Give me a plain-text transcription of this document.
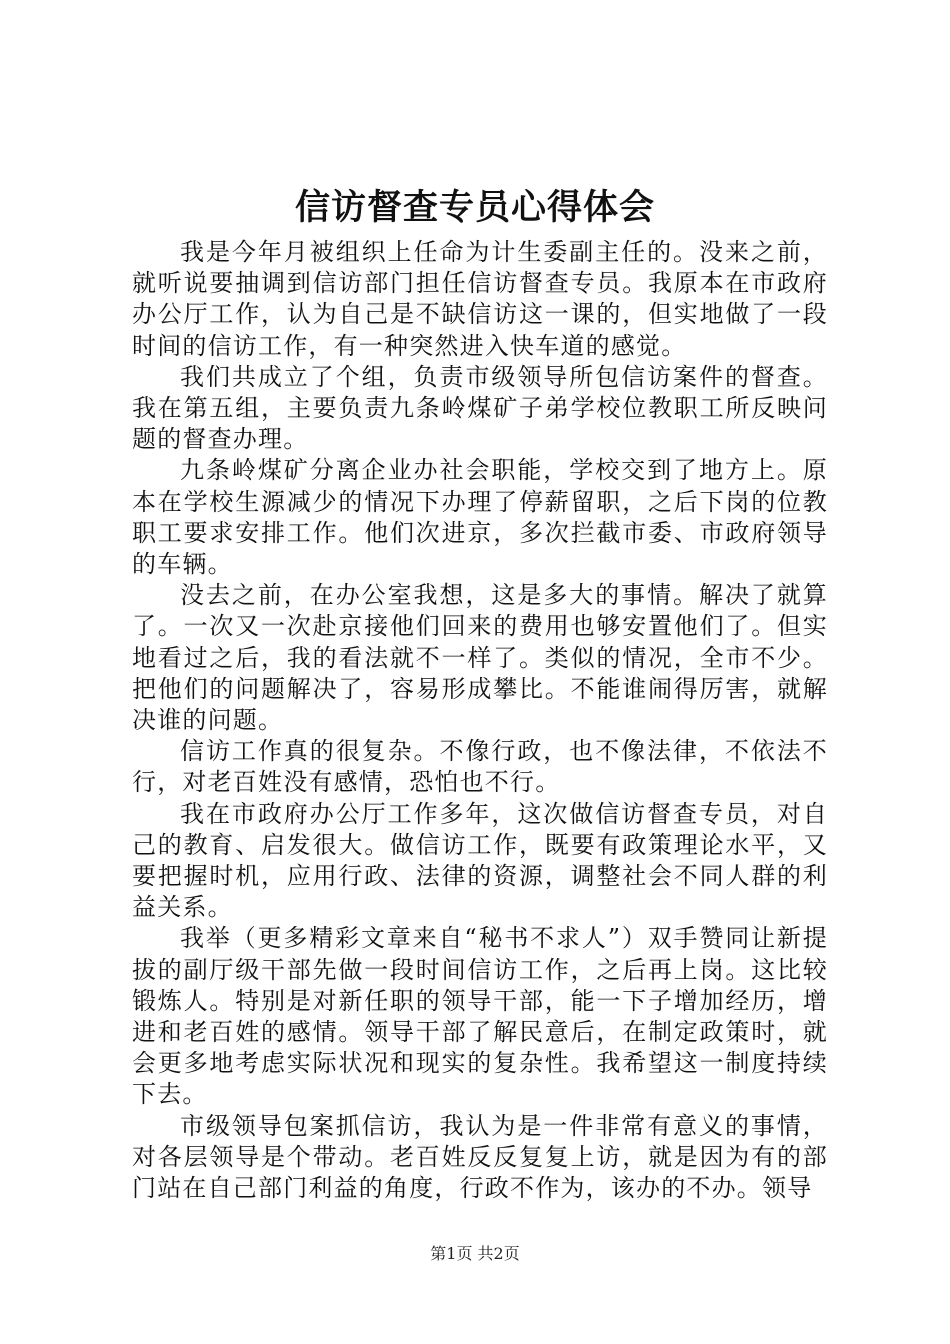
信访督查专员心得体会

我是今年月被组织上任命为计生委副主任的。没来之前，就听说要抽调到信访部门担任信访督查专员。我原本在市政府办公厅工作，认为自己是不缺信访这一课的，但实地做了一段时间的信访工作，有一种突然进入快车道的感觉。

我们共成立了个组，负责市级领导所包信访案件的督查。我在第五组，主要负责九条岭煤矿子弟学校位教职工所反映问题的督查办理。

九条岭煤矿分离企业办社会职能，学校交到了地方上。原本在学校生源减少的情况下办理了停薪留职，之后下岗的位教职工要求安排工作。他们次进京，多次拦截市委、市政府领导的车辆。

没去之前，在办公室我想，这是多大的事情。解决了就算了。一次又一次赴京接他们回来的费用也够安置他们了。但实地看过之后，我的看法就不一样了。类似的情况，全市不少。把他们的问题解决了，容易形成攀比。不能谁闹得厉害，就解决谁的问题。

信访工作真的很复杂。不像行政，也不像法律，不依法不行，对老百姓没有感情，恐怕也不行。

我在市政府办公厅工作多年，这次做信访督查专员，对自己的教育、启发很大。做信访工作，既要有政策理论水平，又要把握时机，应用行政、法律的资源，调整社会不同人群的利益关系。

我举（更多精彩文章来自“秘书不求人”）双手赞同让新提拔的副厅级干部先做一段时间信访工作，之后再上岗。这比较锻炼人。特别是对新任职的领导干部，能一下子增加经历，增进和老百姓的感情。领导干部了解民意后，在制定政策时，就会更多地考虑实际状况和现实的复杂性。我希望这一制度持续下去。

市级领导包案抓信访，我认为是一件非常有意义的事情，对各层领导是个带动。老百姓反反复复上访，就是因为有的部门站在自己部门利益的角度，行政不作为，该办的不办。领导

第1页 共2页
